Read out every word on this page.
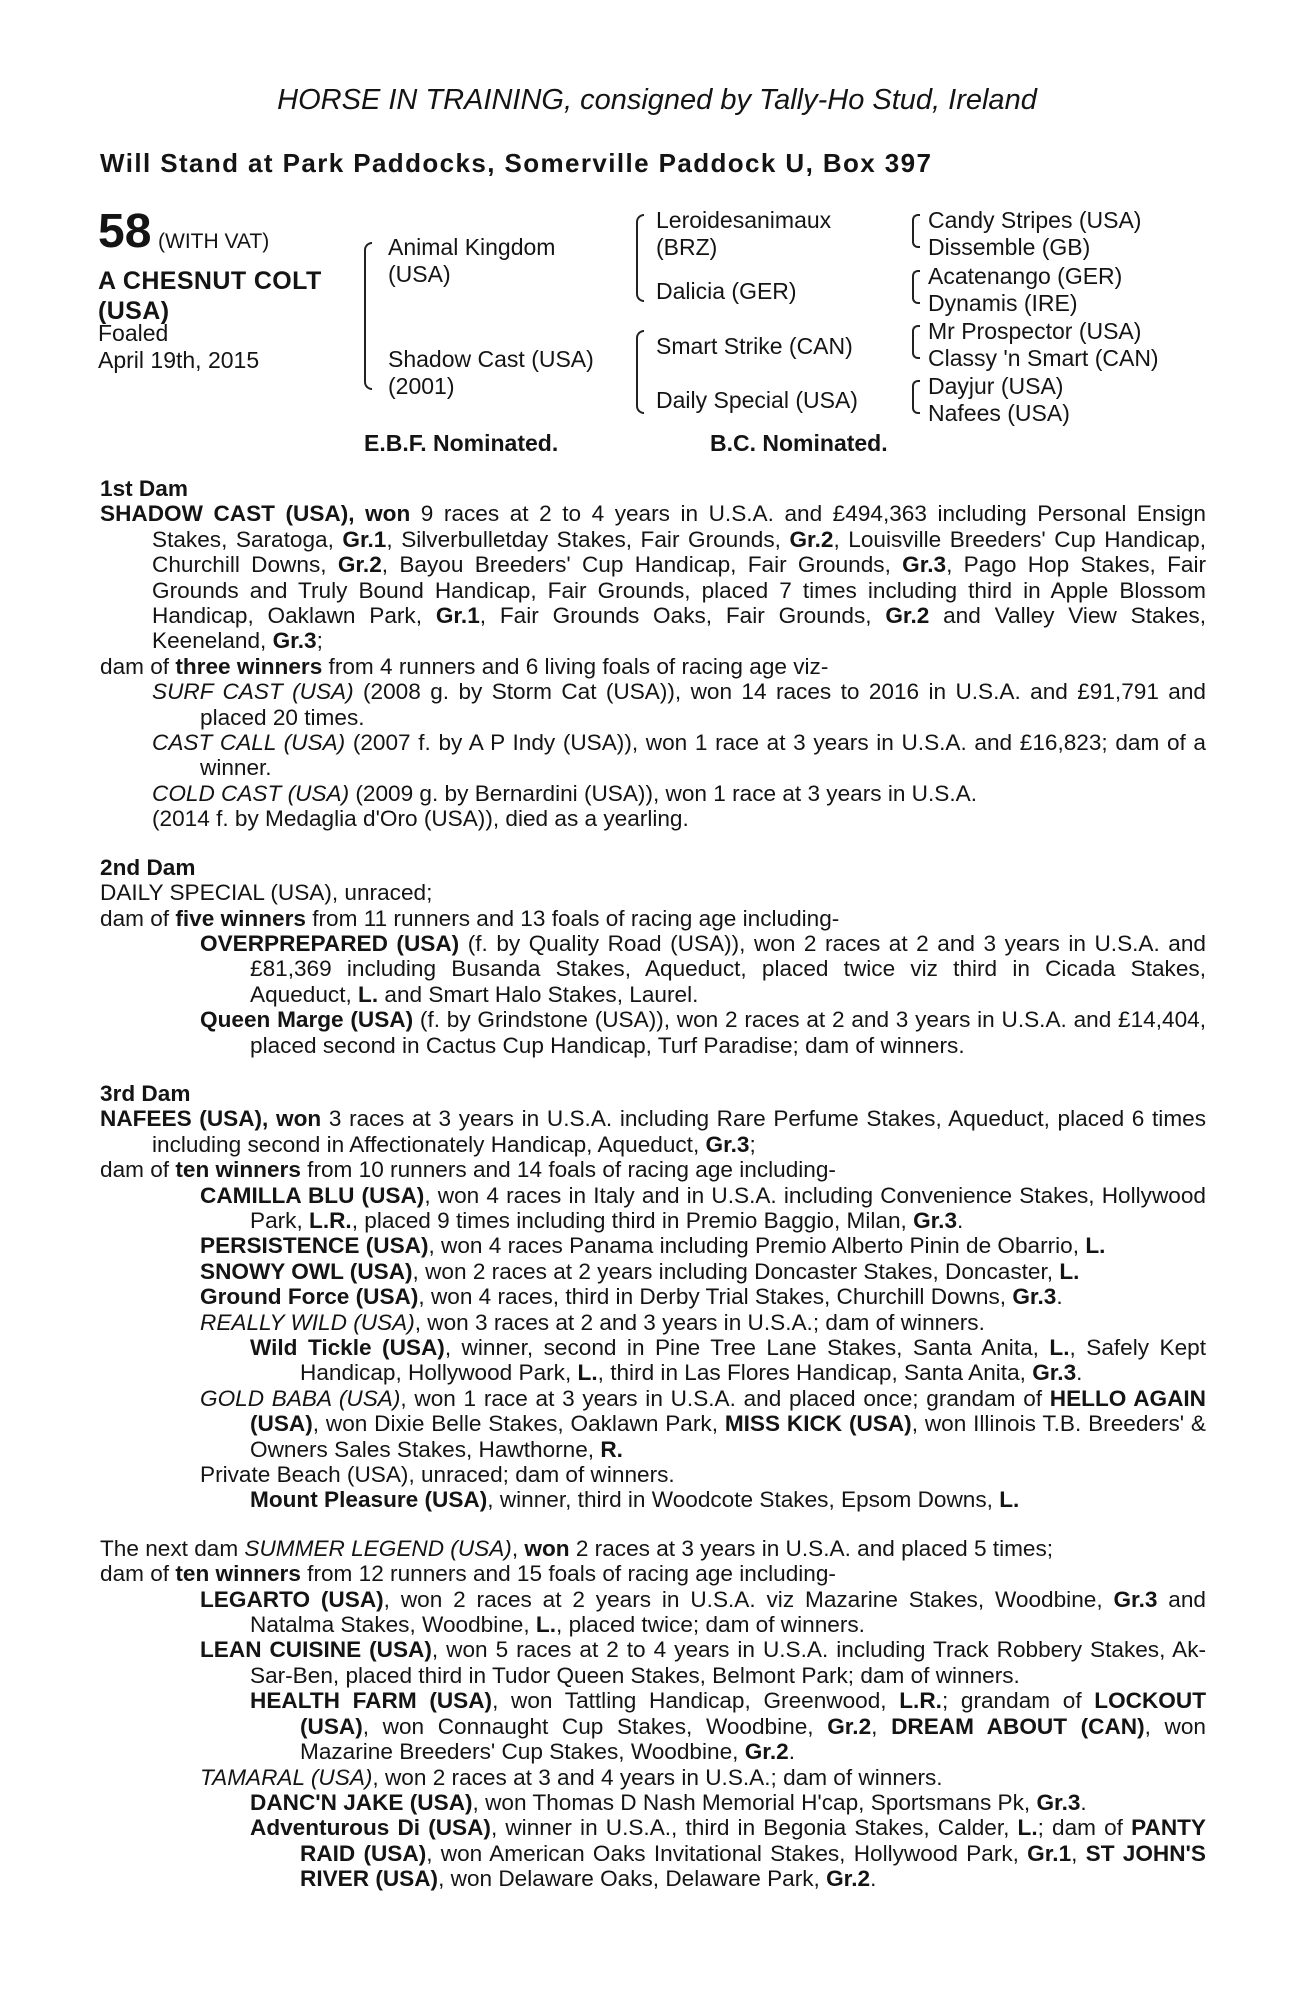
HORSE IN TRAINING, consigned by Tally-Ho Stud, Ireland
Will Stand at Park Paddocks, Somerville Paddock U, Box 397
58 (WITH VAT)
A CHESNUT COLT
(USA)
Foaled
April 19th, 2015
Animal Kingdom
(USA)
Shadow Cast (USA)
(2001)
Leroidesanimaux
(BRZ)
Dalicia (GER)
Smart Strike (CAN)
Daily Special (USA)
Candy Stripes (USA)
Dissemble (GB)
Acatenango (GER)
Dynamis (IRE)
Mr Prospector (USA)
Classy 'n Smart (CAN)
Dayjur (USA)
Nafees (USA)
E.B.F. Nominated.	B.C. Nominated.
1st Dam
SHADOW CAST (USA), won 9 races at 2 to 4 years in U.S.A. and £494,363 including Personal Ensign Stakes, Saratoga, Gr.1, Silverbulletday Stakes, Fair Grounds, Gr.2, Louisville Breeders' Cup Handicap, Churchill Downs, Gr.2, Bayou Breeders' Cup Handicap, Fair Grounds, Gr.3, Pago Hop Stakes, Fair Grounds and Truly Bound Handicap, Fair Grounds, placed 7 times including third in Apple Blossom Handicap, Oaklawn Park, Gr.1, Fair Grounds Oaks, Fair Grounds, Gr.2 and Valley View Stakes, Keeneland, Gr.3;
dam of three winners from 4 runners and 6 living foals of racing age viz-
SURF CAST (USA) (2008 g. by Storm Cat (USA)), won 14 races to 2016 in U.S.A. and £91,791 and placed 20 times.
CAST CALL (USA) (2007 f. by A P Indy (USA)), won 1 race at 3 years in U.S.A. and £16,823; dam of a winner.
COLD CAST (USA) (2009 g. by Bernardini (USA)), won 1 race at 3 years in U.S.A.
(2014 f. by Medaglia d'Oro (USA)), died as a yearling.
2nd Dam
DAILY SPECIAL (USA), unraced;
dam of five winners from 11 runners and 13 foals of racing age including-
OVERPREPARED (USA) (f. by Quality Road (USA)), won 2 races at 2 and 3 years in U.S.A. and £81,369 including Busanda Stakes, Aqueduct, placed twice viz third in Cicada Stakes, Aqueduct, L. and Smart Halo Stakes, Laurel.
Queen Marge (USA) (f. by Grindstone (USA)), won 2 races at 2 and 3 years in U.S.A. and £14,404, placed second in Cactus Cup Handicap, Turf Paradise; dam of winners.
3rd Dam
NAFEES (USA), won 3 races at 3 years in U.S.A. including Rare Perfume Stakes, Aqueduct, placed 6 times including second in Affectionately Handicap, Aqueduct, Gr.3;
dam of ten winners from 10 runners and 14 foals of racing age including-
CAMILLA BLU (USA), won 4 races in Italy and in U.S.A. including Convenience Stakes, Hollywood Park, L.R., placed 9 times including third in Premio Baggio, Milan, Gr.3.
PERSISTENCE (USA), won 4 races Panama including Premio Alberto Pinin de Obarrio, L.
SNOWY OWL (USA), won 2 races at 2 years including Doncaster Stakes, Doncaster, L.
Ground Force (USA), won 4 races, third in Derby Trial Stakes, Churchill Downs, Gr.3.
REALLY WILD (USA), won 3 races at 2 and 3 years in U.S.A.; dam of winners.
Wild Tickle (USA), winner, second in Pine Tree Lane Stakes, Santa Anita, L., Safely Kept Handicap, Hollywood Park, L., third in Las Flores Handicap, Santa Anita, Gr.3.
GOLD BABA (USA), won 1 race at 3 years in U.S.A. and placed once; grandam of HELLO AGAIN (USA), won Dixie Belle Stakes, Oaklawn Park, MISS KICK (USA), won Illinois T.B. Breeders' & Owners Sales Stakes, Hawthorne, R.
Private Beach (USA), unraced; dam of winners.
Mount Pleasure (USA), winner, third in Woodcote Stakes, Epsom Downs, L.
The next dam SUMMER LEGEND (USA), won 2 races at 3 years in U.S.A. and placed 5 times;
dam of ten winners from 12 runners and 15 foals of racing age including-
LEGARTO (USA), won 2 races at 2 years in U.S.A. viz Mazarine Stakes, Woodbine, Gr.3 and Natalma Stakes, Woodbine, L., placed twice; dam of winners.
LEAN CUISINE (USA), won 5 races at 2 to 4 years in U.S.A. including Track Robbery Stakes, Ak-Sar-Ben, placed third in Tudor Queen Stakes, Belmont Park; dam of winners.
HEALTH FARM (USA), won Tattling Handicap, Greenwood, L.R.; grandam of LOCKOUT (USA), won Connaught Cup Stakes, Woodbine, Gr.2, DREAM ABOUT (CAN), won Mazarine Breeders' Cup Stakes, Woodbine, Gr.2.
TAMARAL (USA), won 2 races at 3 and 4 years in U.S.A.; dam of winners.
DANC'N JAKE (USA), won Thomas D Nash Memorial H'cap, Sportsmans Pk, Gr.3.
Adventurous Di (USA), winner in U.S.A., third in Begonia Stakes, Calder, L.; dam of PANTY RAID (USA), won American Oaks Invitational Stakes, Hollywood Park, Gr.1, ST JOHN'S RIVER (USA), won Delaware Oaks, Delaware Park, Gr.2.
